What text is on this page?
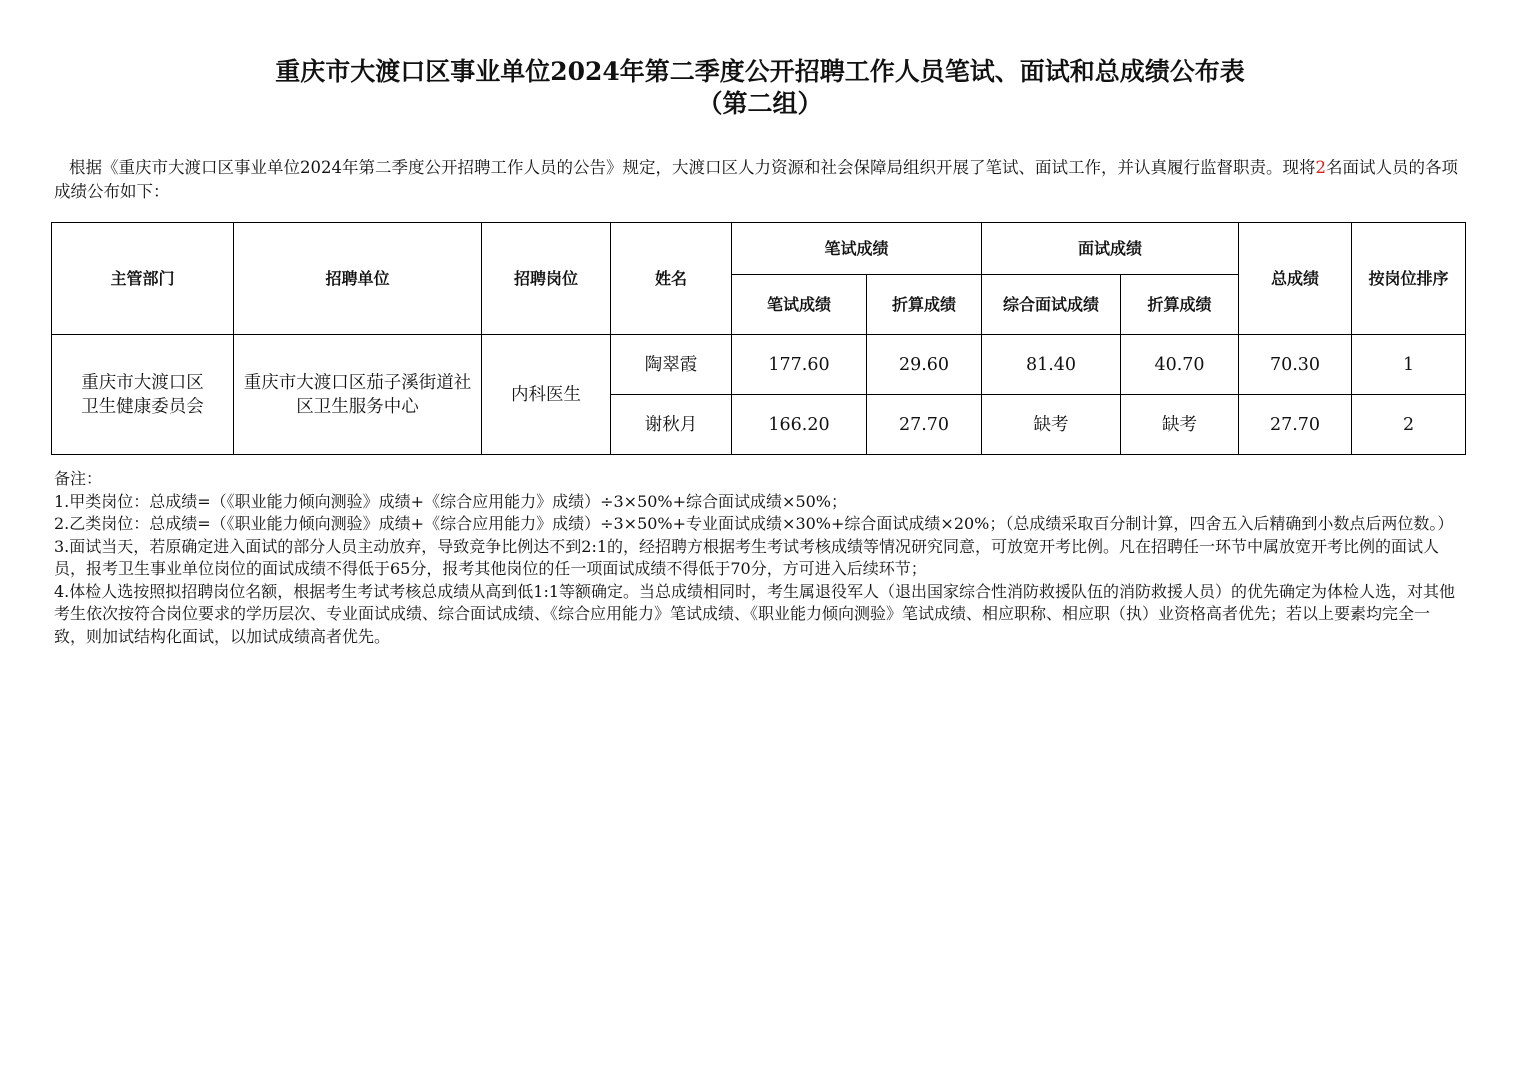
重庆市大渡口区事业单位2024年第二季度公开招聘工作人员笔试、面试和总成绩公布表
（第二组）
根据《重庆市大渡口区事业单位2024年第二季度公开招聘工作人员的公告》规定，大渡口区人力资源和社会保障局组织开展了笔试、面试工作，并认真履行监督职责。现将2名面试人员的各项成绩公布如下：
主管部门	招聘单位	招聘岗位	姓名	笔试成绩		面试成绩		总成绩	按岗位排序
				笔试成绩	折算成绩	综合面试成绩	折算成绩		
重庆市大渡口区卫生健康委员会	重庆市大渡口区茄子溪街道社区卫生服务中心	内科医生	陶翠霞	177.60	29.60	81.40	40.70	70.30	1
			谢秋月	166.20	27.70	缺考	缺考	27.70	2

备注：

1.甲类岗位：总成绩=（《职业能力倾向测验》成绩+《综合应用能力》成绩）÷3×50%+综合面试成绩×50%；

2.乙类岗位：总成绩=（《职业能力倾向测验》成绩+《综合应用能力》成绩）÷3×50%+专业面试成绩×30%+综合面试成绩×20%；（总成绩采取百分制计算，四舍五入后精确到小数点后两位数。）

3.面试当天，若原确定进入面试的部分人员主动放弃，导致竞争比例达不到2:1的，经招聘方根据考生考试考核成绩等情况研究同意，可放宽开考比例。凡在招聘任一环节中属放宽开考比例的面试人员，报考卫生事业单位岗位的面试成绩不得低于65分，报考其他岗位的任一项面试成绩不得低于70分，方可进入后续环节；

4.体检人选按照拟招聘岗位名额，根据考生考试考核总成绩从高到低1:1等额确定。当总成绩相同时，考生属退役军人（退出国家综合性消防救援队伍的消防救援人员）的优先确定为体检人选，对其他考生依次按符合岗位要求的学历层次、专业面试成绩、综合面试成绩、《综合应用能力》笔试成绩、《职业能力倾向测验》笔试成绩、相应职称、相应职（执）业资格高者优先；若以上要素均完全一致，则加试结构化面试，以加试成绩高者优先。
